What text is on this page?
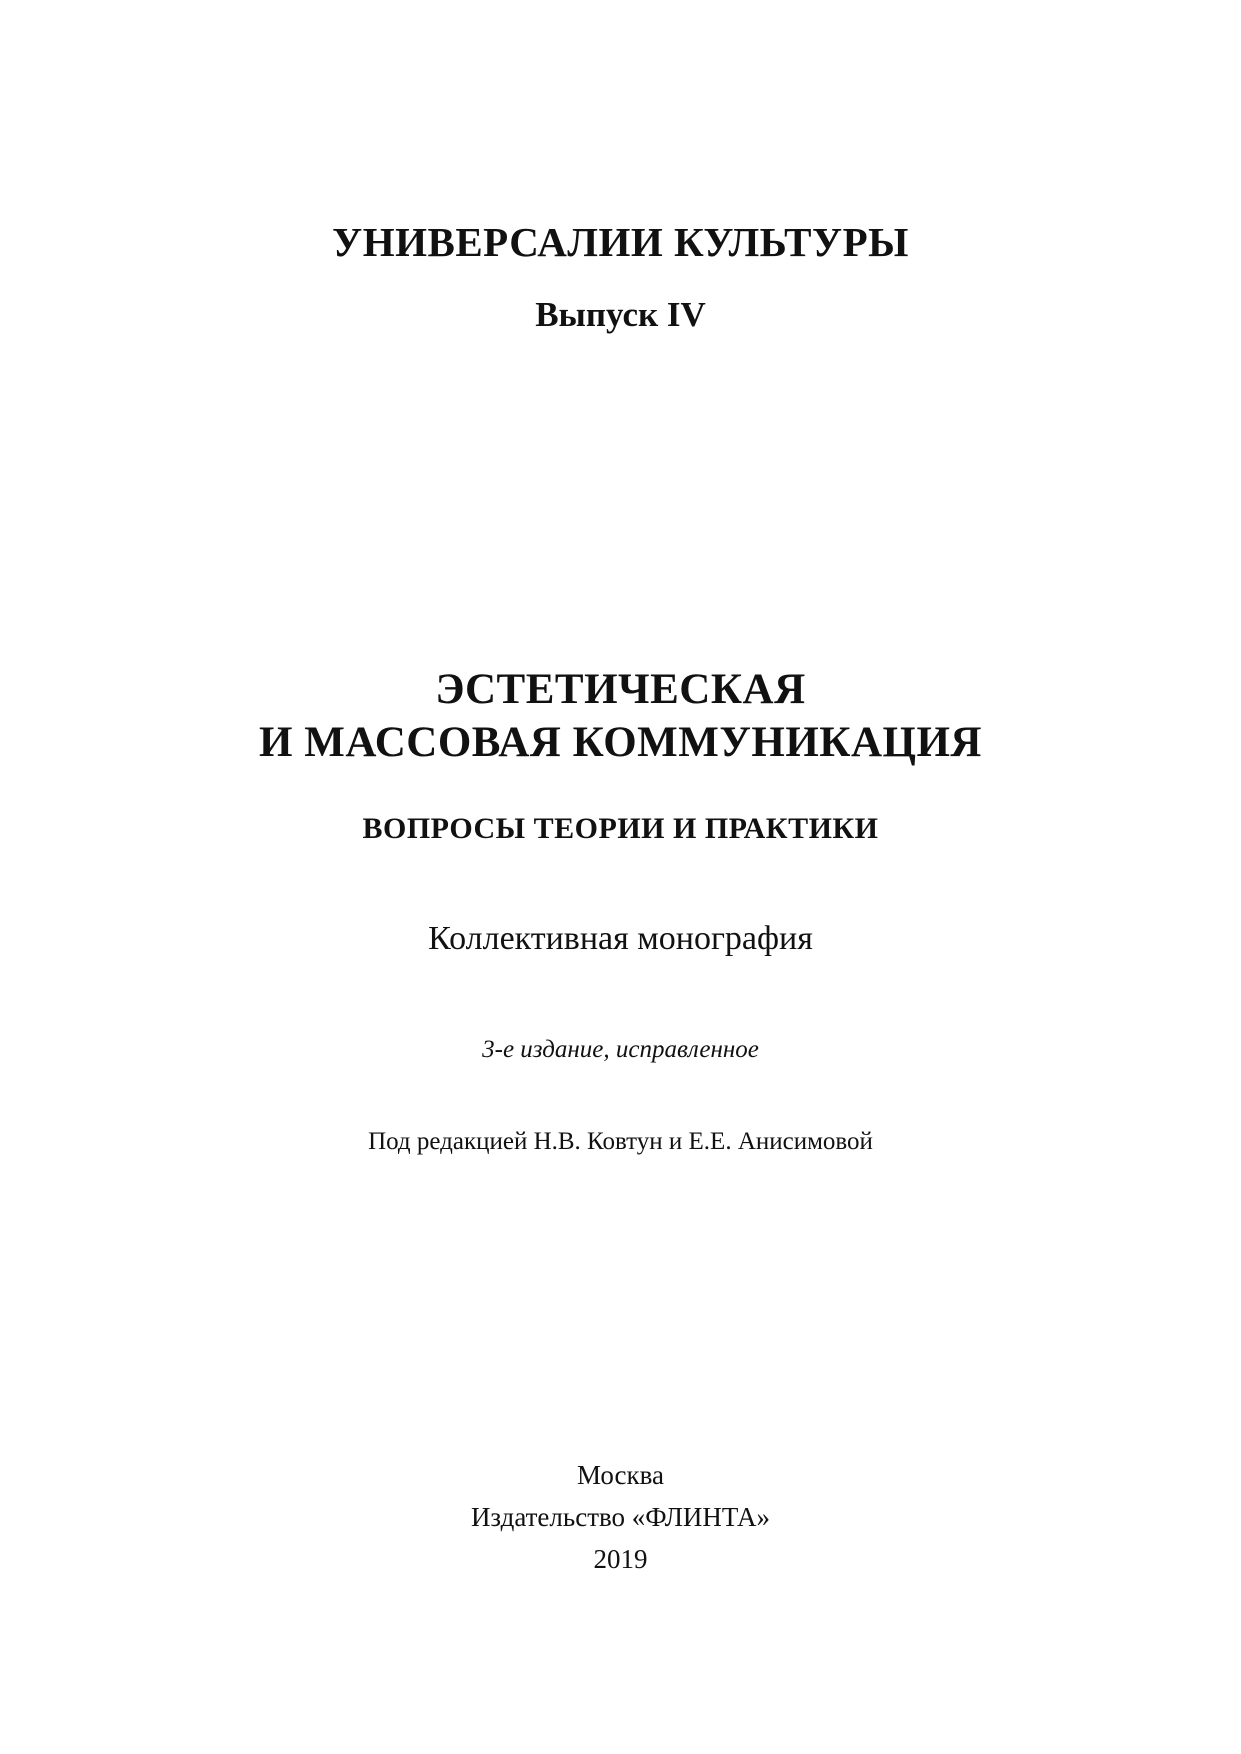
УНИВЕРСАЛИИ КУЛЬТУРЫ

Выпуск IV

ЭСТЕТИЧЕСКАЯ

И МАССОВАЯ КОММУНИКАЦИЯ

ВОПРОСЫ ТЕОРИИ И ПРАКТИКИ

Коллективная монография

3-е издание, исправленное

Под редакцией Н.В. Ковтун и Е.Е. Анисимовой

Москва

Издательство «ФЛИНТА»

2019
